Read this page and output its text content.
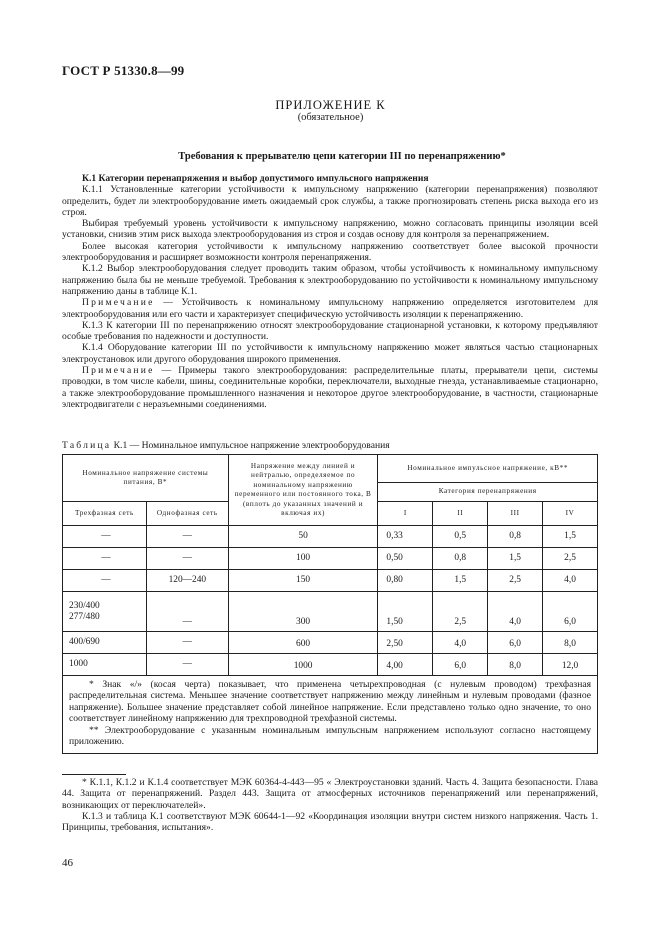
ГОСТ Р 51330.8—99
ПРИЛОЖЕНИЕ К
(обязательное)
Требования к прерывателю цепи категории III по перенапряжению*

К.1 Категории перенапряжения и выбор допустимого импульсного напряжения

К.1.1 Установленные категории устойчивости к импульсному напряжению (категории перенапряжения) позволяют определить, будет ли электрооборудование иметь ожидаемый срок службы, а также прогнозировать степень риска выхода его из строя.

Выбирая требуемый уровень устойчивости к импульсному напряжению, можно согласовать принципы изоляции всей установки, снизив этим риск выхода электрооборудования из строя и создав основу для контроля за перенапряжением.

Более высокая категория устойчивости к импульсному напряжению соответствует более высокой прочности электрооборудования и расширяет возможности контроля перенапряжения.

К.1.2 Выбор электрооборудования следует проводить таким образом, чтобы устойчивость к номинальному импульсному напряжению была бы не меньше требуемой. Требования к электрооборудованию по устойчивости к номинальному импульсному напряжению даны в таблице К.1.

Примечание — Устойчивость к номинальному импульсному напряжению определяется изготовителем для электрооборудования или его части и характеризует специфическую устойчивость изоляции к перенапряжению.

К.1.3 К категории III по перенапряжению относят электрооборудование стационарной установки, к которому предъявляют особые требования по надежности и доступности.

К.1.4 Оборудование категории III по устойчивости к импульсному напряжению может являться частью стационарных электроустановок или другого оборудования широкого применения.

Примечание — Примеры такого электрооборудования: распределительные платы, прерыватели цепи, системы проводки, в том числе кабели, шины, соединительные коробки, переключатели, выходные гнезда, устанавливаемые стационарно, а также электрооборудование промышленного назначения и некоторое другое электрооборудование, в частности, стационарные электродвигатели с неразъемными соединениями.

Таблица К.1 — Номинальное импульсное напряжение электрооборудования
Номинальное напряжение системы питания, В*		Напряжение между линией и нейтралью, определяемое по номинальному напряжению переменного или постоянного тока, В (вплоть до указанных значений и включая их)	Номинальное импульсное напряжение, кВ**			
			Категория перенапряжения			
Трехфазная сеть	Однофазная сеть		I	II	III	IV
—	—	50	0,33	0,5	0,8	1,5
—	—	100	0,50	0,8	1,5	2,5
—	120—240	150	0,80	1,5	2,5	4,0
230/400
277/480	—	300	1,50	2,5	4,0	6,0
400/690	—	600	2,50	4,0	6,0	8,0
1000	—	1000	4,00	6,0	8,0	12,0

* Знак «/» (косая черта) показывает, что применена четырехпроводная (с нулевым проводом) трехфазная распределительная система. Меньшее значение соответствует напряжению между линейным и нулевым проводами (фазное напряжение). Большее значение представляет собой линейное напряжение. Если представлено только одно значение, то оно соответствует линейному напряжению для трехпроводной трехфазной системы.

** Электрооборудование с указанным номинальным импульсным напряжением используют согласно настоящему приложению.						

* К.1.1, К.1.2 и К.1.4 соответствует МЭК 60364-4-443—95 « Электроустановки зданий. Часть 4. Защита безопасности. Глава 44. Защита от перенапряжений. Раздел 443. Защита от атмосферных источников перенапряжений или перенапряжений, возникающих от переключателей».

К.1.3 и таблица К.1 соответствуют МЭК 60644-1—92 «Координация изоляции внутри систем низкого напряжения. Часть 1. Принципы, требования, испытания».

46
